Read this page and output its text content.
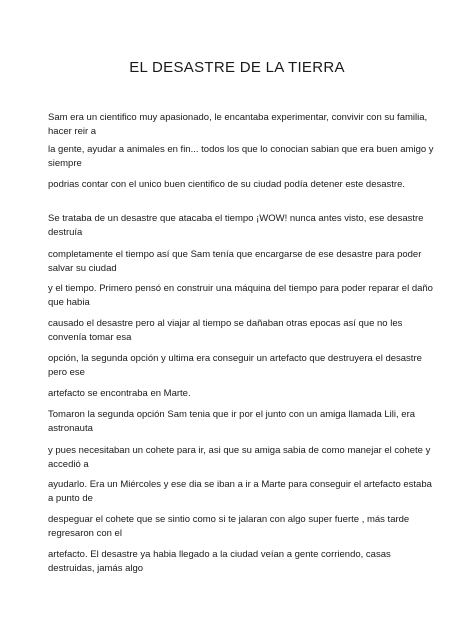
EL DESASTRE DE LA TIERRA

Sam era un cientifico muy apasionado, le encantaba experimentar, convivir con su familia, hacer reir a

la gente, ayudar a animales en fin... todos los que lo conocian sabian que era buen amigo y siempre

podrias contar con el unico buen cientifico de su ciudad podía detener este desastre.

Se trataba de un desastre que atacaba el tiempo ¡WOW! nunca antes visto, ese desastre destruía

completamente el tiempo así que Sam tenía que encargarse de ese desastre para poder salvar su ciudad

y el tiempo. Primero pensó en construir una máquina del tiempo para poder reparar el daño que habia

causado el desastre pero al viajar al tiempo se dañaban otras epocas así que no les convenía tomar esa

opción, la segunda opción y ultima era conseguir un artefacto que destruyera el desastre pero ese

artefacto se encontraba en Marte.

Tomaron la segunda opción Sam tenia que ir por el junto con un amiga llamada Lili, era astronauta

y pues necesitaban un cohete para ir, asi que su amiga sabia de como manejar el cohete y accedió a

ayudarlo. Era un Miércoles y ese dia se iban a ir a Marte para conseguir el artefacto estaba a punto de

despeguar el cohete que se sintio como si te jalaran con algo super fuerte , más tarde regresaron con el

artefacto. El desastre ya habia llegado a la ciudad veían a gente corriendo, casas destruidas, jamás algo
